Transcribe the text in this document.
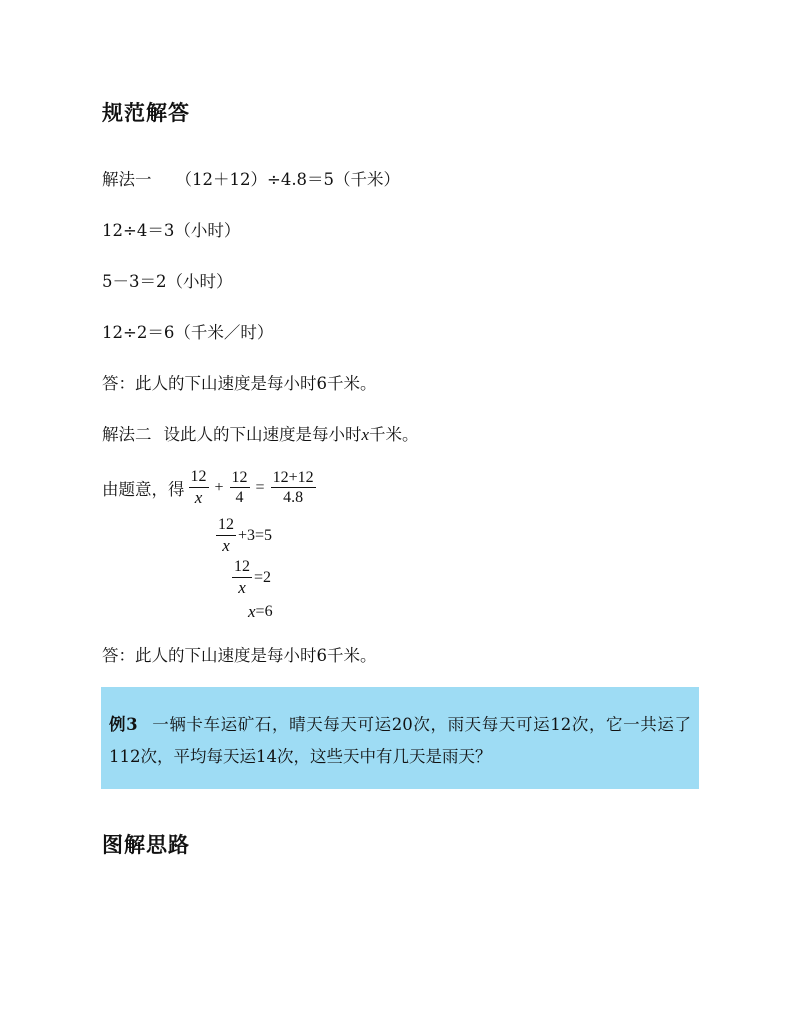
规范解答
解法一 （12＋12）÷4.8＝5（千米）
12÷4＝3（小时）
5－3＝2（小时）
12÷2＝6（千米／时）
答：此人的下山速度是每小时6千米。
解法二 设此人的下山速度是每小时x千米。
由题意，得 $\frac{12}{x} + \frac{12}{4} = \frac{12+12}{4.8}$
$\frac{12}{x} +3=5$
$\frac{12}{x} =2$
x =6
答：此人的下山速度是每小时6千米。
例3 一辆卡车运矿石，晴天每天可运20次，雨天每天可运12次，它一共运了112次，平均每天运14次，这些天中有几天是雨天？
图解思路
